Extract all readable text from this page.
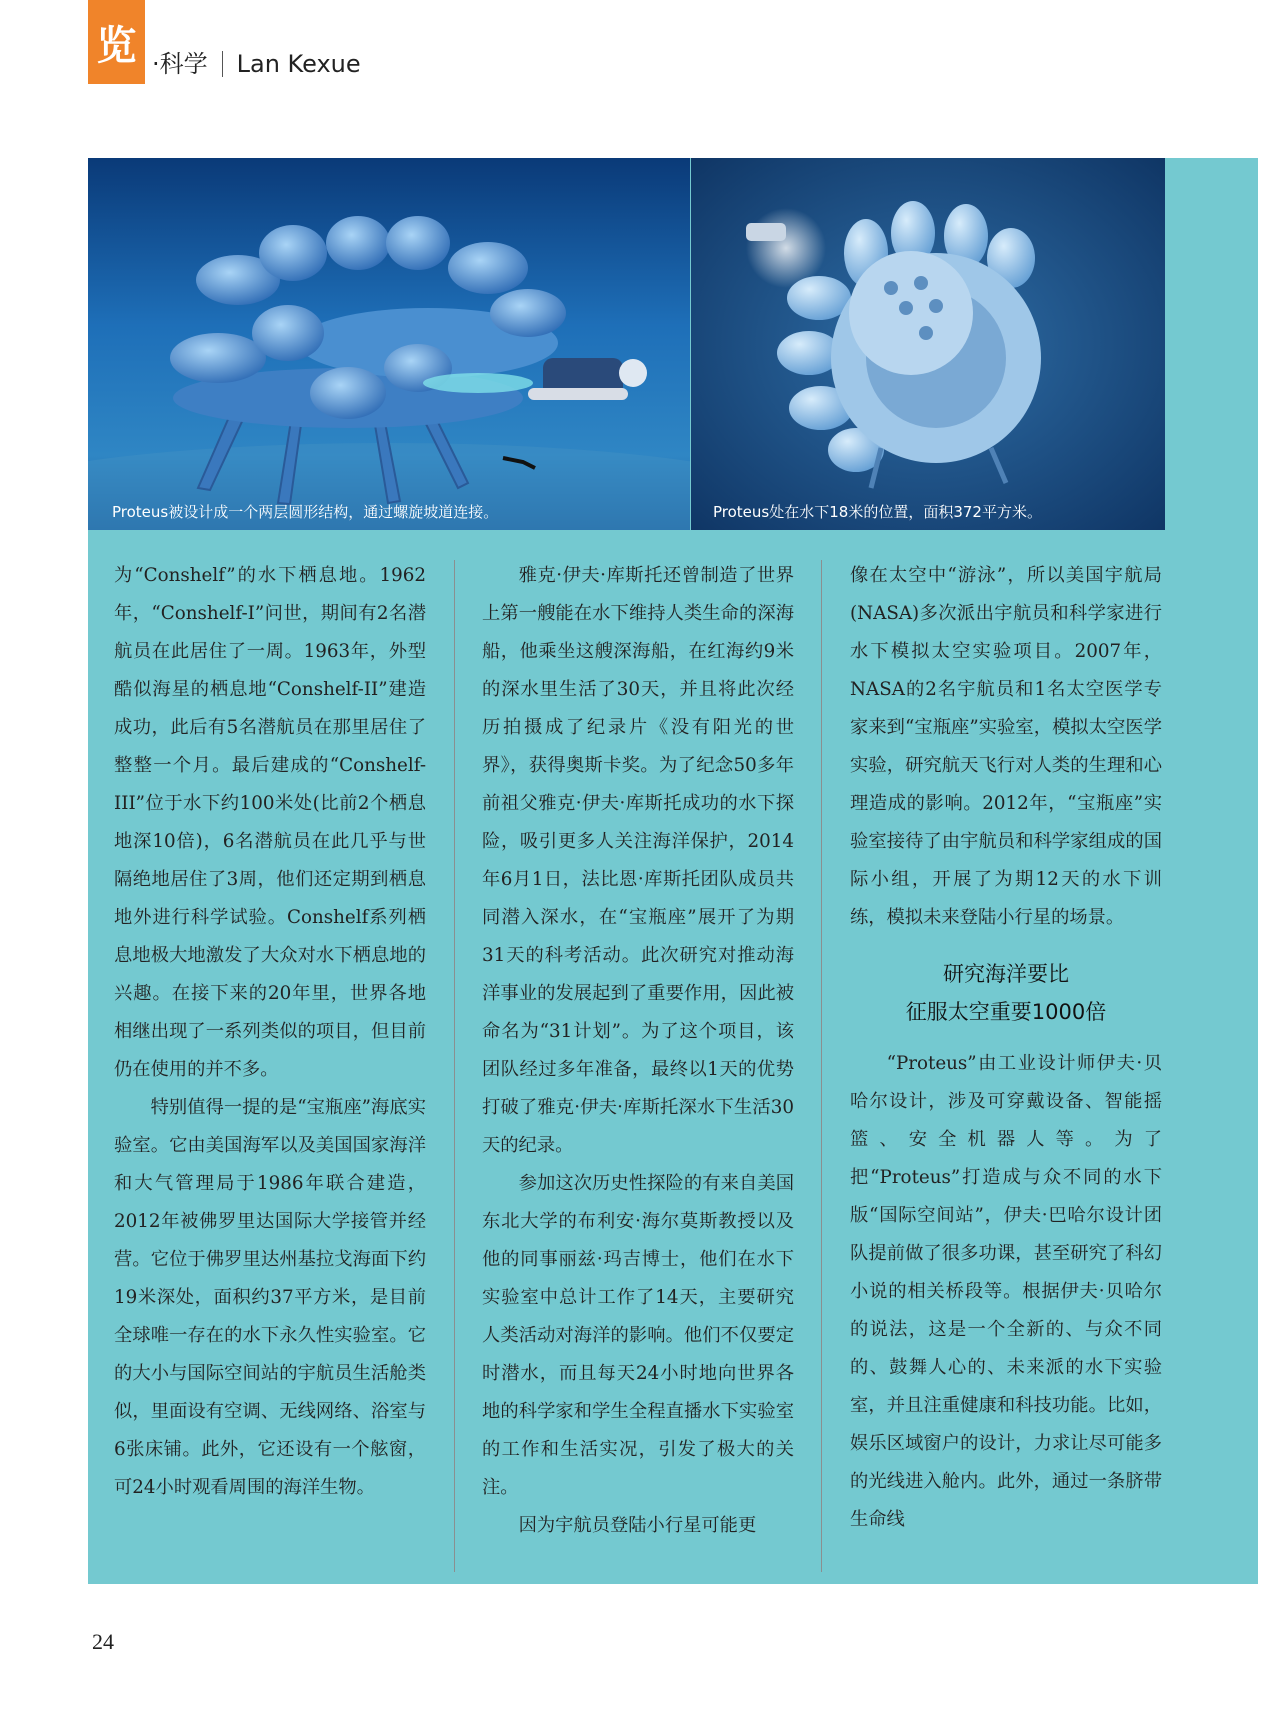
览 ·科学 Lan Kexue
Proteus被设计成一个两层圆形结构，通过螺旋坡道连接。	Proteus处在水下18米的位置，面积372平方米。

为“Conshelf”的水下栖息地。1962年，“Conshelf-I”问世，期间有2名潜航员在此居住了一周。1963年，外型酷似海星的栖息地“Conshelf-II”建造成功，此后有5名潜航员在那里居住了整整一个月。最后建成的“Conshelf-III”位于水下约100米处(比前2个栖息地深10倍)，6名潜航员在此几乎与世隔绝地居住了3周，他们还定期到栖息地外进行科学试验。Conshelf系列栖息地极大地激发了大众对水下栖息地的兴趣。在接下来的20年里，世界各地相继出现了一系列类似的项目，但目前仍在使用的并不多。

特别值得一提的是“宝瓶座”海底实验室。它由美国海军以及美国国家海洋和大气管理局于1986年联合建造，2012年被佛罗里达国际大学接管并经营。它位于佛罗里达州基拉戈海面下约19米深处，面积约37平方米，是目前全球唯一存在的水下永久性实验室。它的大小与国际空间站的宇航员生活舱类似，里面设有空调、无线网络、浴室与6张床铺。此外，它还设有一个舷窗，可24小时观看周围的海洋生物。

雅克·伊夫·库斯托还曾制造了世界上第一艘能在水下维持人类生命的深海船，他乘坐这艘深海船，在红海约9米的深水里生活了30天，并且将此次经历拍摄成了纪录片《没有阳光的世界》，获得奥斯卡奖。为了纪念50多年前祖父雅克·伊夫·库斯托成功的水下探险，吸引更多人关注海洋保护，2014年6月1日，法比恩·库斯托团队成员共同潜入深水，在“宝瓶座”展开了为期31天的科考活动。此次研究对推动海洋事业的发展起到了重要作用，因此被命名为“31计划”。为了这个项目，该团队经过多年准备，最终以1天的优势打破了雅克·伊夫·库斯托深水下生活30天的纪录。

参加这次历史性探险的有来自美国东北大学的布利安·海尔莫斯教授以及他的同事丽兹·玛吉博士，他们在水下实验室中总计工作了14天，主要研究人类活动对海洋的影响。他们不仅要定时潜水，而且每天24小时地向世界各地的科学家和学生全程直播水下实验室的工作和生活实况，引发了极大的关注。

因为宇航员登陆小行星可能更

像在太空中“游泳”，所以美国宇航局(NASA)多次派出宇航员和科学家进行水下模拟太空实验项目。2007年，NASA的2名宇航员和1名太空医学专家来到“宝瓶座”实验室，模拟太空医学实验，研究航天飞行对人类的生理和心理造成的影响。2012年，“宝瓶座”实验室接待了由宇航员和科学家组成的国际小组，开展了为期12天的水下训练，模拟未来登陆小行星的场景。

研究海洋要比
征服太空重要1000倍

“Proteus”由工业设计师伊夫·贝哈尔设计，涉及可穿戴设备、智能摇篮、安全机器人等。为了把“Proteus”打造成与众不同的水下版“国际空间站”，伊夫·巴哈尔设计团队提前做了很多功课，甚至研究了科幻小说的相关桥段等。根据伊夫·贝哈尔的说法，这是一个全新的、与众不同的、鼓舞人心的、未来派的水下实验室，并且注重健康和科技功能。比如，娱乐区域窗户的设计，力求让尽可能多的光线进入舱内。此外，通过一条脐带生命线

24
